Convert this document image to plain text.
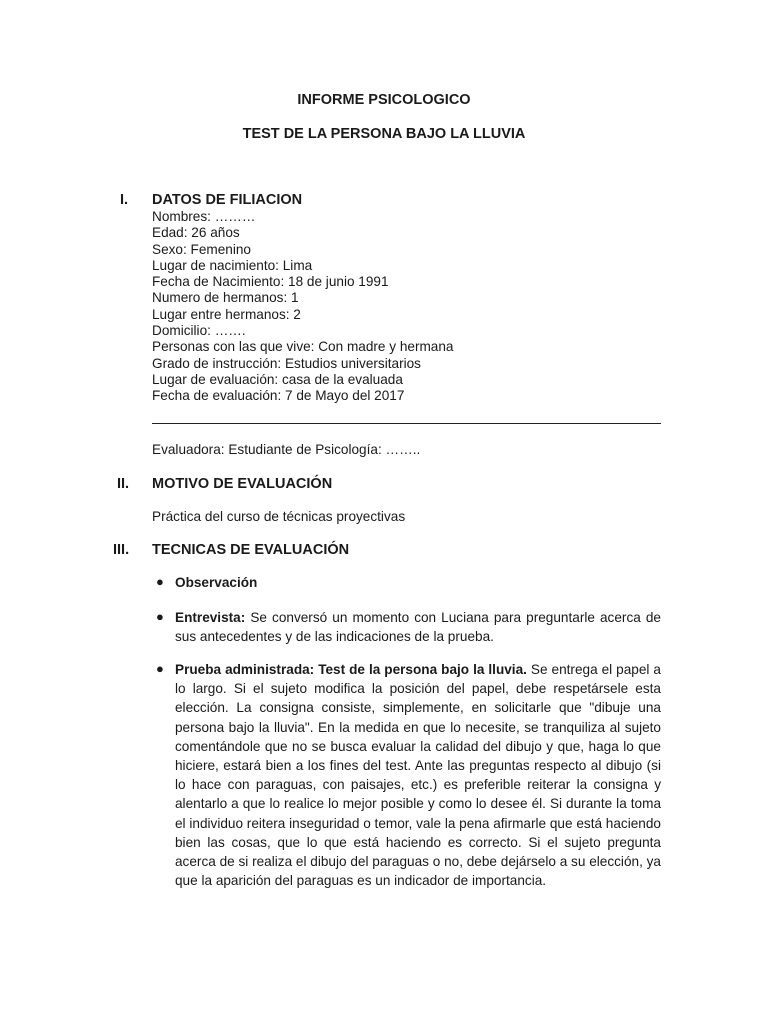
INFORME PSICOLOGICO
TEST DE LA PERSONA BAJO LA LLUVIA
I. DATOS DE FILIACION
Nombres: ………
Edad: 26 años
Sexo: Femenino
Lugar de nacimiento: Lima
Fecha de Nacimiento: 18 de junio 1991
Numero de hermanos: 1
Lugar entre hermanos: 2
Domicilio: …….
Personas con las que vive: Con madre y hermana
Grado de instrucción: Estudios universitarios
Lugar de evaluación: casa de la evaluada
Fecha de evaluación: 7 de Mayo del 2017
Evaluadora: Estudiante de Psicología: ……..
II. MOTIVO DE EVALUACIÓN
Práctica del curso de técnicas proyectivas
III. TECNICAS DE EVALUACIÓN
● Observación
● Entrevista: Se conversó un momento con Luciana para preguntarle acerca de sus antecedentes y de las indicaciones de la prueba.
● Prueba administrada: Test de la persona bajo la lluvia. Se entrega el papel a lo largo. Si el sujeto modifica la posición del papel, debe respetársele esta elección. La consigna consiste, simplemente, en solicitarle que "dibuje una persona bajo la lluvia". En la medida en que lo necesite, se tranquiliza al sujeto comentándole que no se busca evaluar la calidad del dibujo y que, haga lo que hiciere, estará bien a los fines del test. Ante las preguntas respecto al dibujo (si lo hace con paraguas, con paisajes, etc.) es preferible reiterar la consigna y alentarlo a que lo realice lo mejor posible y como lo desee él. Si durante la toma el individuo reitera inseguridad o temor, vale la pena afirmarle que está haciendo bien las cosas, que lo que está haciendo es correcto. Si el sujeto pregunta acerca de si realiza el dibujo del paraguas o no, debe dejárselo a su elección, ya que la aparición del paraguas es un indicador de importancia.
